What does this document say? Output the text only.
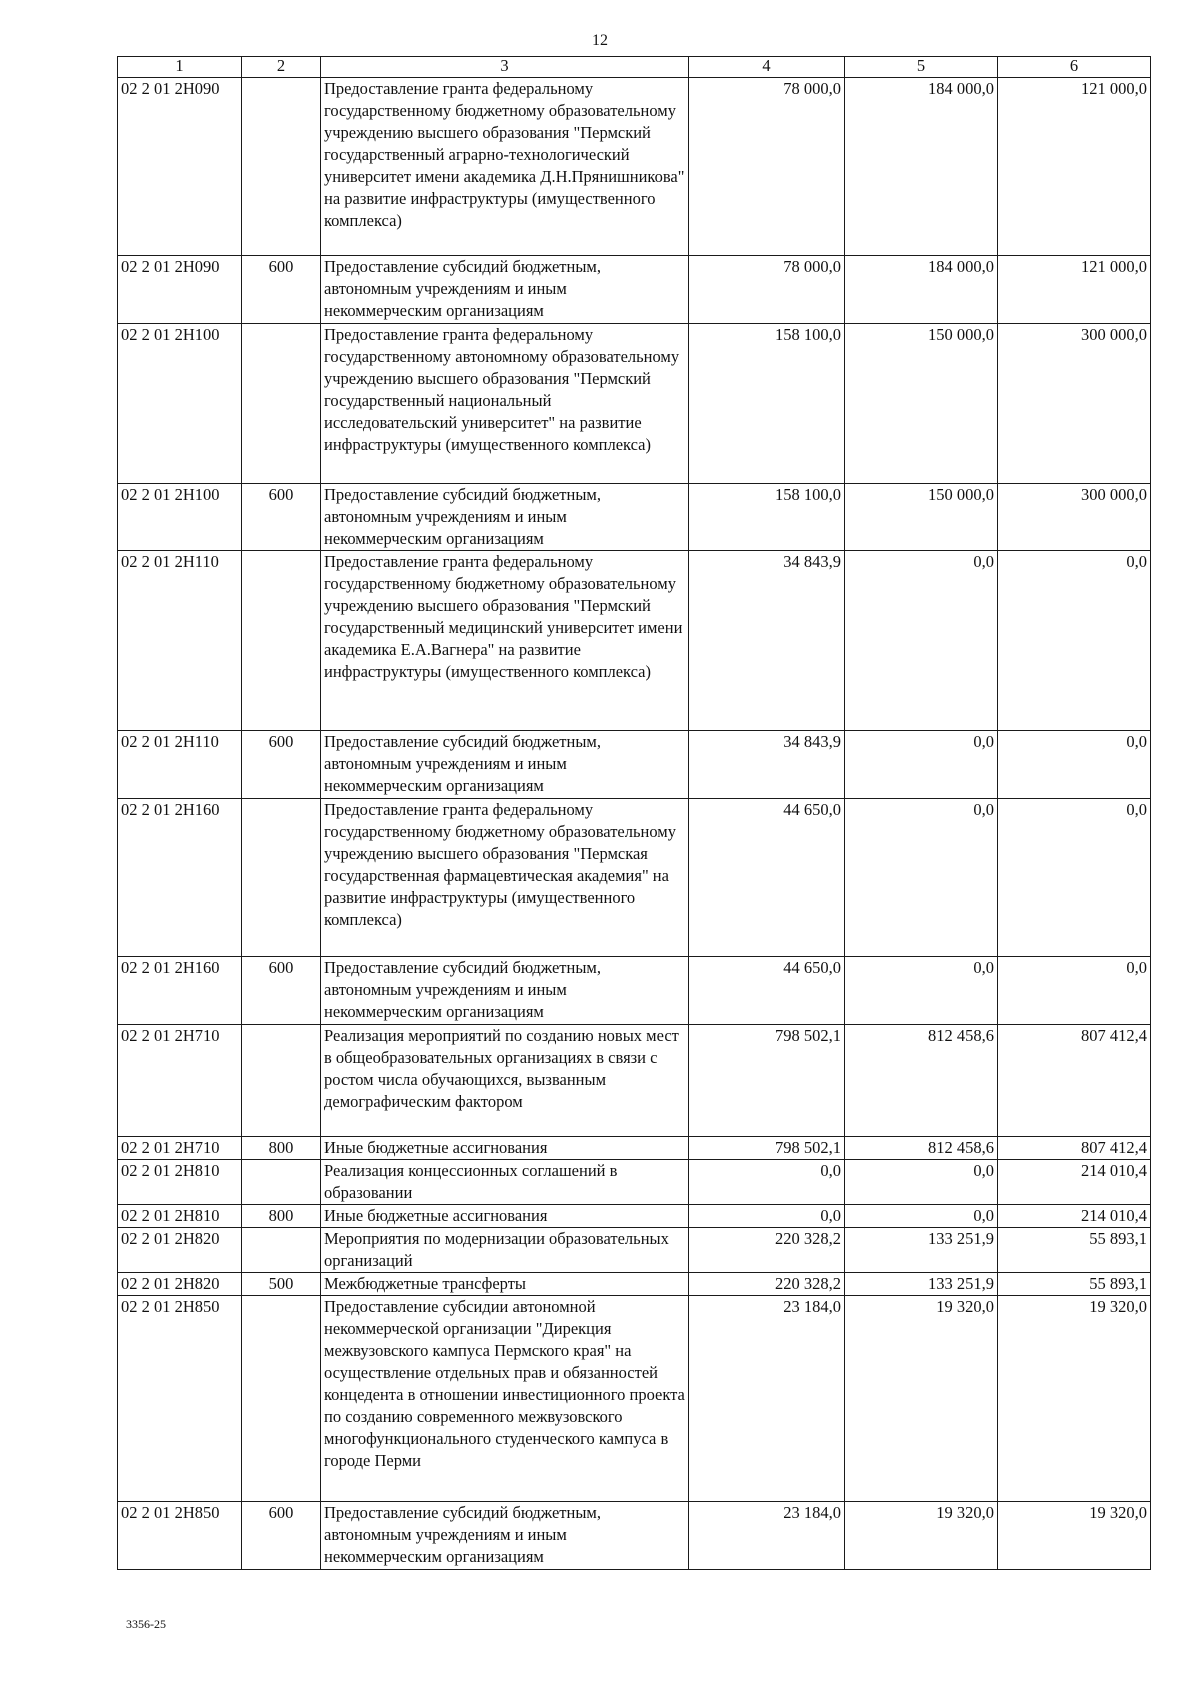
12
1	2	3	4	5	6
02 2 01 2Н090		Предоставление гранта федеральному государственному бюджетному образовательному учреждению высшего образования "Пермский государственный аграрно-технологический университет имени академика Д.Н.Прянишникова" на развитие инфраструктуры (имущественного комплекса)	78 000,0	184 000,0	121 000,0
02 2 01 2Н090	600	Предоставление субсидий бюджетным, автономным учреждениям и иным некоммерческим организациям	78 000,0	184 000,0	121 000,0
02 2 01 2Н100		Предоставление гранта федеральному государственному автономному образовательному учреждению высшего образования "Пермский государственный национальный исследовательский университет" на развитие инфраструктуры (имущественного комплекса)	158 100,0	150 000,0	300 000,0
02 2 01 2Н100	600	Предоставление субсидий бюджетным, автономным учреждениям и иным некоммерческим организациям	158 100,0	150 000,0	300 000,0
02 2 01 2Н110		Предоставление гранта федеральному государственному бюджетному образовательному учреждению высшего образования "Пермский государственный медицинский университет имени академика Е.А.Вагнера" на развитие инфраструктуры (имущественного комплекса)	34 843,9	0,0	0,0
02 2 01 2Н110	600	Предоставление субсидий бюджетным, автономным учреждениям и иным некоммерческим организациям	34 843,9	0,0	0,0
02 2 01 2Н160		Предоставление гранта федеральному государственному бюджетному образовательному учреждению высшего образования "Пермская государственная фармацевтическая академия" на развитие инфраструктуры (имущественного комплекса)	44 650,0	0,0	0,0
02 2 01 2Н160	600	Предоставление субсидий бюджетным, автономным учреждениям и иным некоммерческим организациям	44 650,0	0,0	0,0
02 2 01 2Н710		Реализация мероприятий по созданию новых мест в общеобразовательных организациях в связи с ростом числа обучающихся, вызванным демографическим фактором	798 502,1	812 458,6	807 412,4
02 2 01 2Н710	800	Иные бюджетные ассигнования	798 502,1	812 458,6	807 412,4
02 2 01 2Н810		Реализация концессионных соглашений в образовании	0,0	0,0	214 010,4
02 2 01 2Н810	800	Иные бюджетные ассигнования	0,0	0,0	214 010,4
02 2 01 2Н820		Мероприятия по модернизации образовательных организаций	220 328,2	133 251,9	55 893,1
02 2 01 2Н820	500	Межбюджетные трансферты	220 328,2	133 251,9	55 893,1
02 2 01 2Н850		Предоставление субсидии автономной некоммерческой организации "Дирекция межвузовского кампуса Пермского края" на осуществление отдельных прав и обязанностей концедента в отношении инвестиционного проекта по созданию современного межвузовского многофункционального студенческого кампуса в городе Перми	23 184,0	19 320,0	19 320,0
02 2 01 2Н850	600	Предоставление субсидий бюджетным, автономным учреждениям и иным некоммерческим организациям	23 184,0	19 320,0	19 320,0
3356-25
